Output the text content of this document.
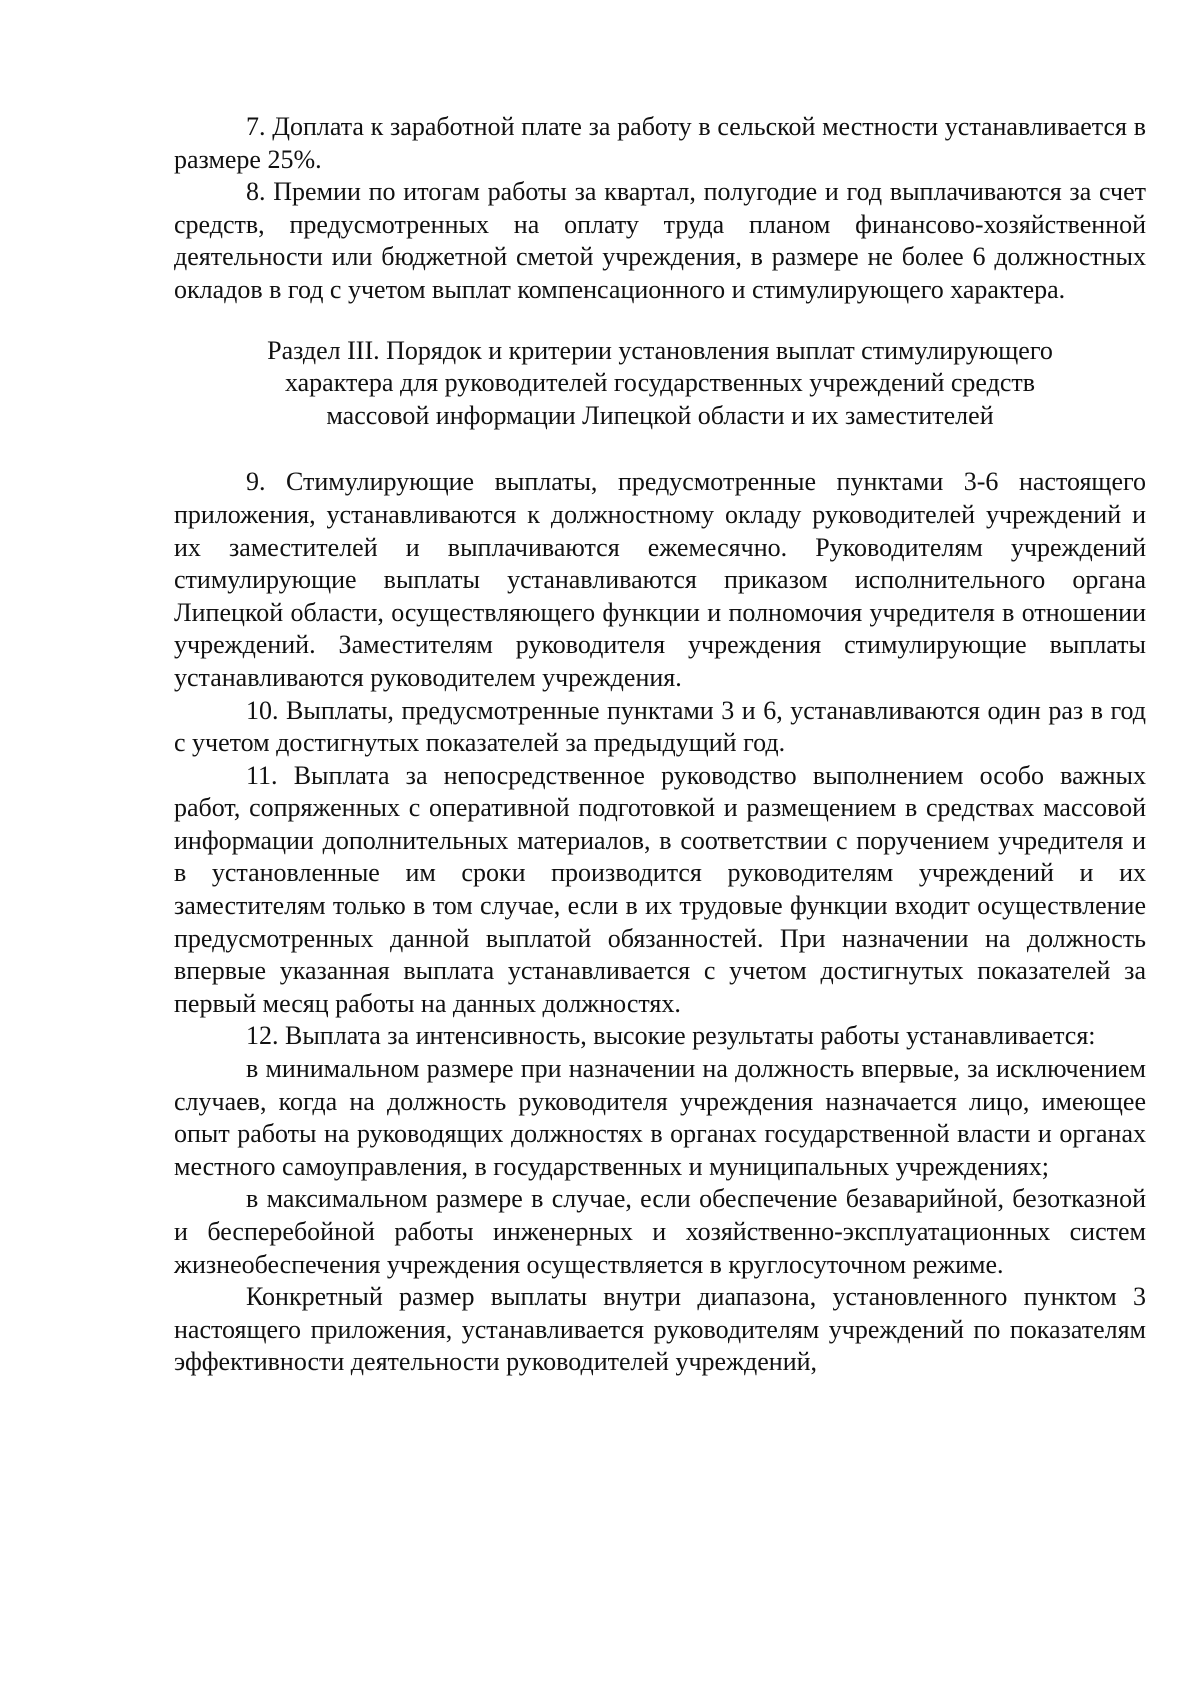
7. Доплата к заработной плате за работу в сельской местности устанавливается в размере 25%.

8. Премии по итогам работы за квартал, полугодие и год выплачиваются за счет средств, предусмотренных на оплату труда планом финансово-хозяйственной деятельности или бюджетной сметой учреждения, в размере не более 6 должностных окладов в год с учетом выплат компенсационного и стимулирующего характера.

Раздел III. Порядок и критерии установления выплат стимулирующего
характера для руководителей государственных учреждений средств
массовой информации Липецкой области и их заместителей

9. Стимулирующие выплаты, предусмотренные пунктами 3-6 настоящего приложения, устанавливаются к должностному окладу руководителей учреждений и их заместителей и выплачиваются ежемесячно. Руководителям учреждений стимулирующие выплаты устанавливаются приказом исполнительного органа Липецкой области, осуществляющего функции и полномочия учредителя в отношении учреждений. Заместителям руководителя учреждения стимулирующие выплаты устанавливаются руководителем учреждения.

10. Выплаты, предусмотренные пунктами 3 и 6, устанавливаются один раз в год с учетом достигнутых показателей за предыдущий год.

11. Выплата за непосредственное руководство выполнением особо важных работ, сопряженных с оперативной подготовкой и размещением в средствах массовой информации дополнительных материалов, в соответствии с поручением учредителя и в установленные им сроки производится руководителям учреждений и их заместителям только в том случае, если в их трудовые функции входит осуществление предусмотренных данной выплатой обязанностей. При назначении на должность впервые указанная выплата устанавливается с учетом достигнутых показателей за первый месяц работы на данных должностях.

12. Выплата за интенсивность, высокие результаты работы устанавливается:

в минимальном размере при назначении на должность впервые, за исключением случаев, когда на должность руководителя учреждения назначается лицо, имеющее опыт работы на руководящих должностях в органах государственной власти и органах местного самоуправления, в государственных и муниципальных учреждениях;

в максимальном размере в случае, если обеспечение безаварийной, безотказной и бесперебойной работы инженерных и хозяйственно-эксплуатационных систем жизнеобеспечения учреждения осуществляется в круглосуточном режиме.

Конкретный размер выплаты внутри диапазона, установленного пунктом 3 настоящего приложения, устанавливается руководителям учреждений по показателям эффективности деятельности руководителей учреждений,
